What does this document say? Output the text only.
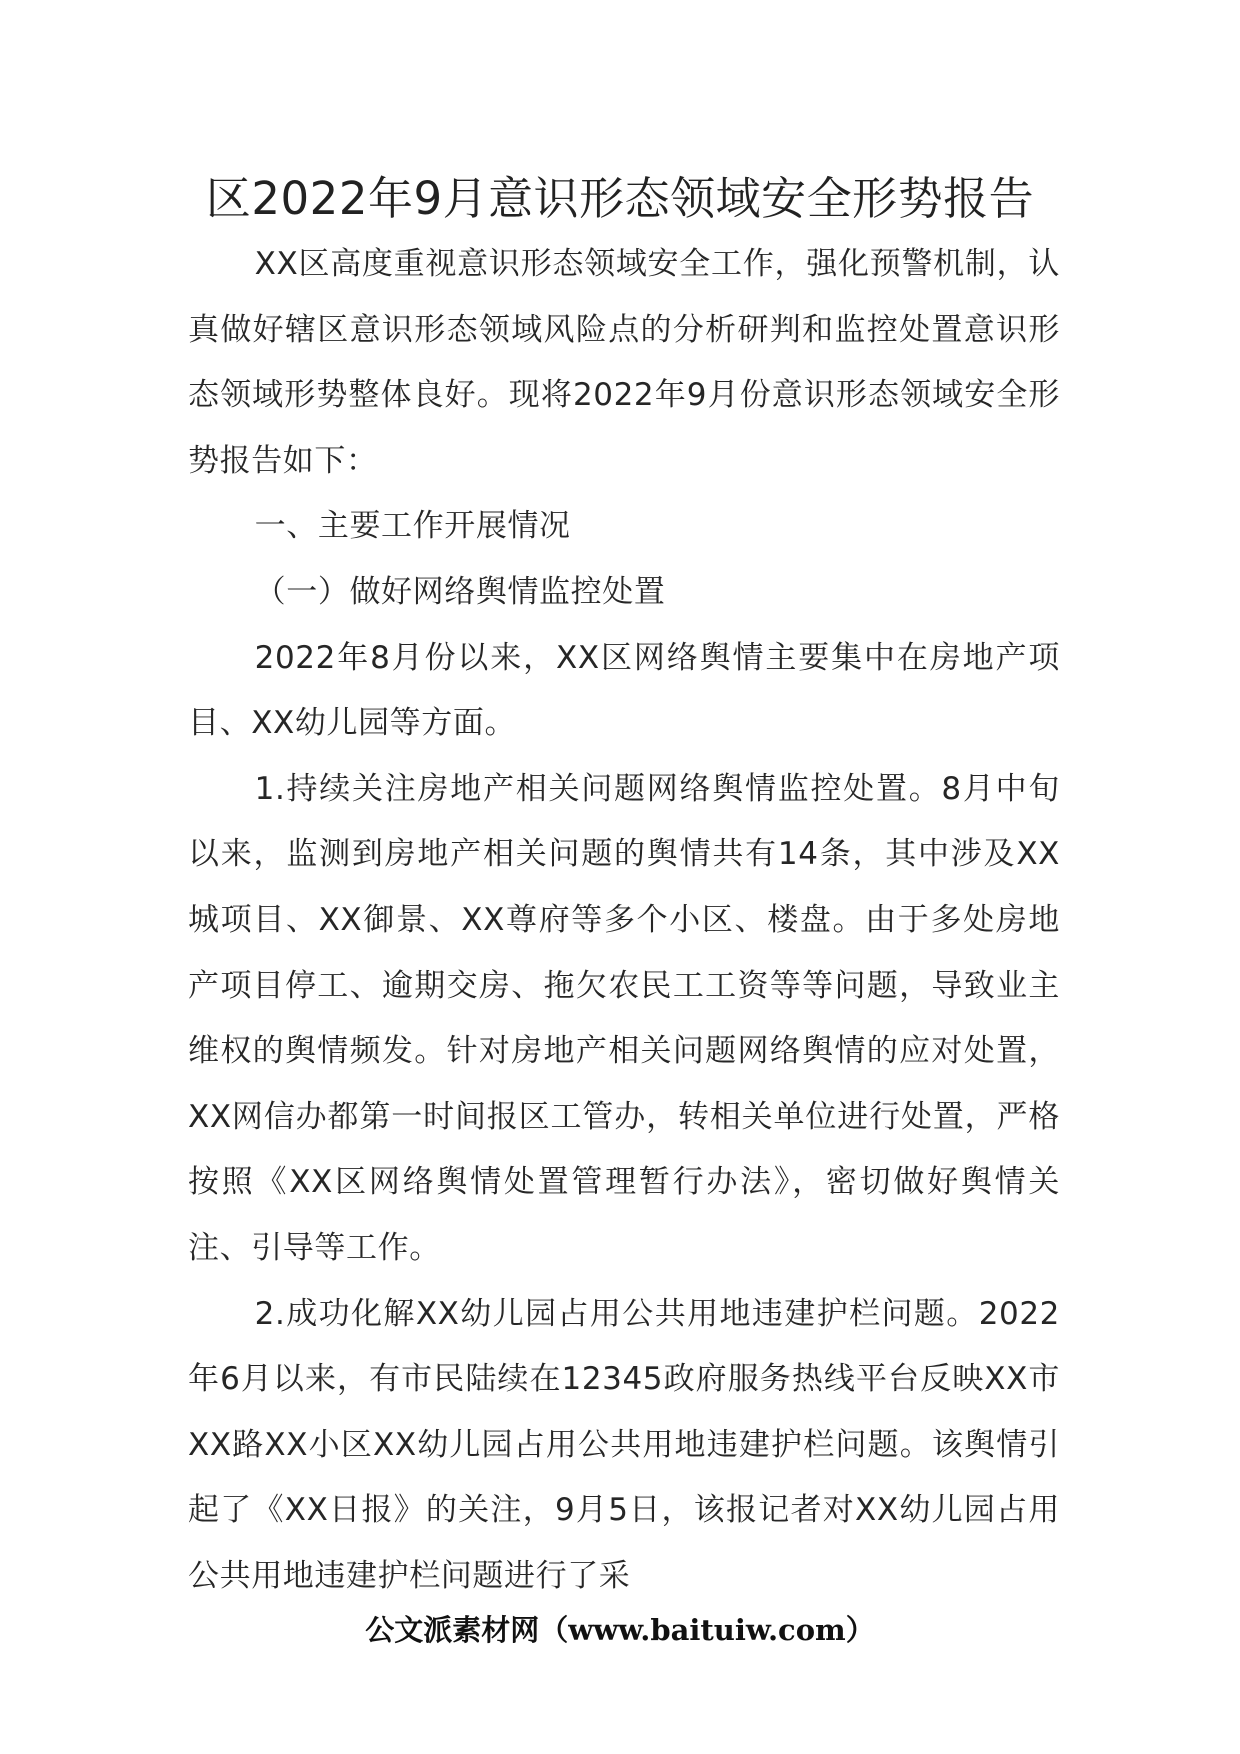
区2022年9月意识形态领域安全形势报告

XX区高度重视意识形态领域安全工作，强化预警机制，认真做好辖区意识形态领域风险点的分析研判和监控处置意识形态领域形势整体良好。现将2022年9月份意识形态领域安全形势报告如下：

一、主要工作开展情况

（一）做好网络舆情监控处置

2022年8月份以来，XX区网络舆情主要集中在房地产项目、XX幼儿园等方面。

1.持续关注房地产相关问题网络舆情监控处置。8月中旬以来，监测到房地产相关问题的舆情共有14条，其中涉及XX城项目、XX御景、XX尊府等多个小区、楼盘。由于多处房地产项目停工、逾期交房、拖欠农民工工资等等问题，导致业主维权的舆情频发。针对房地产相关问题网络舆情的应对处置，XX网信办都第一时间报区工管办，转相关单位进行处置，严格按照《XX区网络舆情处置管理暂行办法》，密切做好舆情关注、引导等工作。

2.成功化解XX幼儿园占用公共用地违建护栏问题。2022年6月以来，有市民陆续在12345政府服务热线平台反映XX市XX路XX小区XX幼儿园占用公共用地违建护栏问题。该舆情引起了《XX日报》的关注，9月5日，该报记者对XX幼儿园占用公共用地违建护栏问题进行了采

公文派素材网（www.baituiw.com）
